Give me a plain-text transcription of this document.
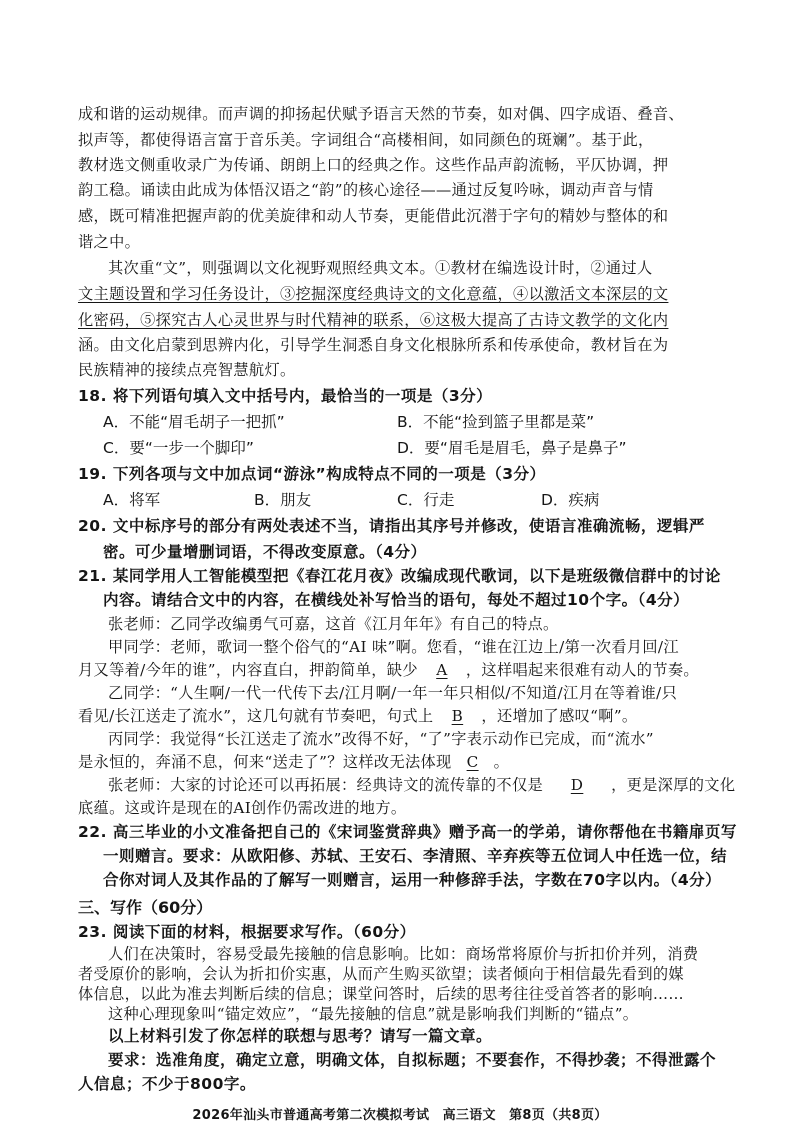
成和谐的运动规律。而声调的抑扬起伏赋予语言天然的节奏，如对偶、四字成语、叠音、
拟声等，都使得语言富于音乐美。字词组合“高楼相间，如同颜色的斑斓”。基于此，
教材选文侧重收录广为传诵、朗朗上口的经典之作。这些作品声韵流畅，平仄协调，押
韵工稳。诵读由此成为体悟汉语之“韵”的核心途径——通过反复吟咏，调动声音与情
感，既可精准把握声韵的优美旋律和动人节奏，更能借此沉潜于字句的精妙与整体的和
谐之中。
其次重“文”，则强调以文化视野观照经典文本。①教材在编选设计时，②通过人
文主题设置和学习任务设计，③挖掘深度经典诗文的文化意蕴，④以激活文本深层的文
化密码，⑤探究古人心灵世界与时代精神的联系，⑥这极大提高了古诗文教学的文化内
涵。由文化启蒙到思辨内化，引导学生洞悉自身文化根脉所系和传承使命，教材旨在为
民族精神的接续点亮智慧航灯。
18. 将下列语句填入文中括号内，最恰当的一项是（3分）
A．不能“眉毛胡子一把抓”	B．不能“捡到篮子里都是菜”
C．要“一步一个脚印”	D．要“眉毛是眉毛，鼻子是鼻子”
19. 下列各项与文中加点词“游泳”构成特点不同的一项是（3分）
A．将军	B．朋友	C．行走	D．疾病
20. 文中标序号的部分有两处表述不当，请指出其序号并修改，使语言准确流畅，逻辑严
密。可少量增删词语，不得改变原意。（4分）
21. 某同学用人工智能模型把《春江花月夜》改编成现代歌词，以下是班级微信群中的讨论
内容。请结合文中的内容，在横线处补写恰当的语句，每处不超过10个字。（4分）
张老师：乙同学改编勇气可嘉，这首《江月年年》有自己的特点。
甲同学：老师，歌词一整个俗气的“AI 味”啊。您看，“谁在江边上/第一次看月回/江
月又等着/今年的谁”，内容直白，押韵简单，缺少 A ，这样唱起来很难有动人的节奏。
乙同学：“人生啊/一代一代传下去/江月啊/一年一年只相似/不知道/江月在等着谁/只
看见/长江送走了流水”，这几句就有节奏吧，句式上 B ，还增加了感叹“啊”。
丙同学：我觉得“长江送走了流水”改得不好，“了”字表示动作已完成，而“流水”
是永恒的，奔涌不息，何来“送走了”？这样改无法体现 C 。
张老师：大家的讨论还可以再拓展：经典诗文的流传靠的不仅是 D ，更是深厚的文化
底蕴。这或许是现在的AI创作仍需改进的地方。
22. 高三毕业的小文准备把自己的《宋词鉴赏辞典》赠予高一的学弟，请你帮他在书籍扉页写
一则赠言。要求：从欧阳修、苏轼、王安石、李清照、辛弃疾等五位词人中任选一位，结
合你对词人及其作品的了解写一则赠言，运用一种修辞手法，字数在70字以内。（4分）
三、写作（60分）
23. 阅读下面的材料，根据要求写作。（60分）
人们在决策时，容易受最先接触的信息影响。比如：商场常将原价与折扣价并列，消费
者受原价的影响，会认为折扣价实惠，从而产生购买欲望；读者倾向于相信最先看到的媒
体信息，以此为准去判断后续的信息；课堂问答时，后续的思考往往受首答者的影响……
2026年汕头市普通高考第二次模拟考试　高三语文　第8页（共8页）
这种心理现象叫“锚定效应”，“最先接触的信息”就是影响我们判断的“锚点”。
以上材料引发了你怎样的联想与思考？请写一篇文章。
要求：选准角度，确定立意，明确文体，自拟标题；不要套作，不得抄袭；不得泄露个
人信息；不少于800字。
